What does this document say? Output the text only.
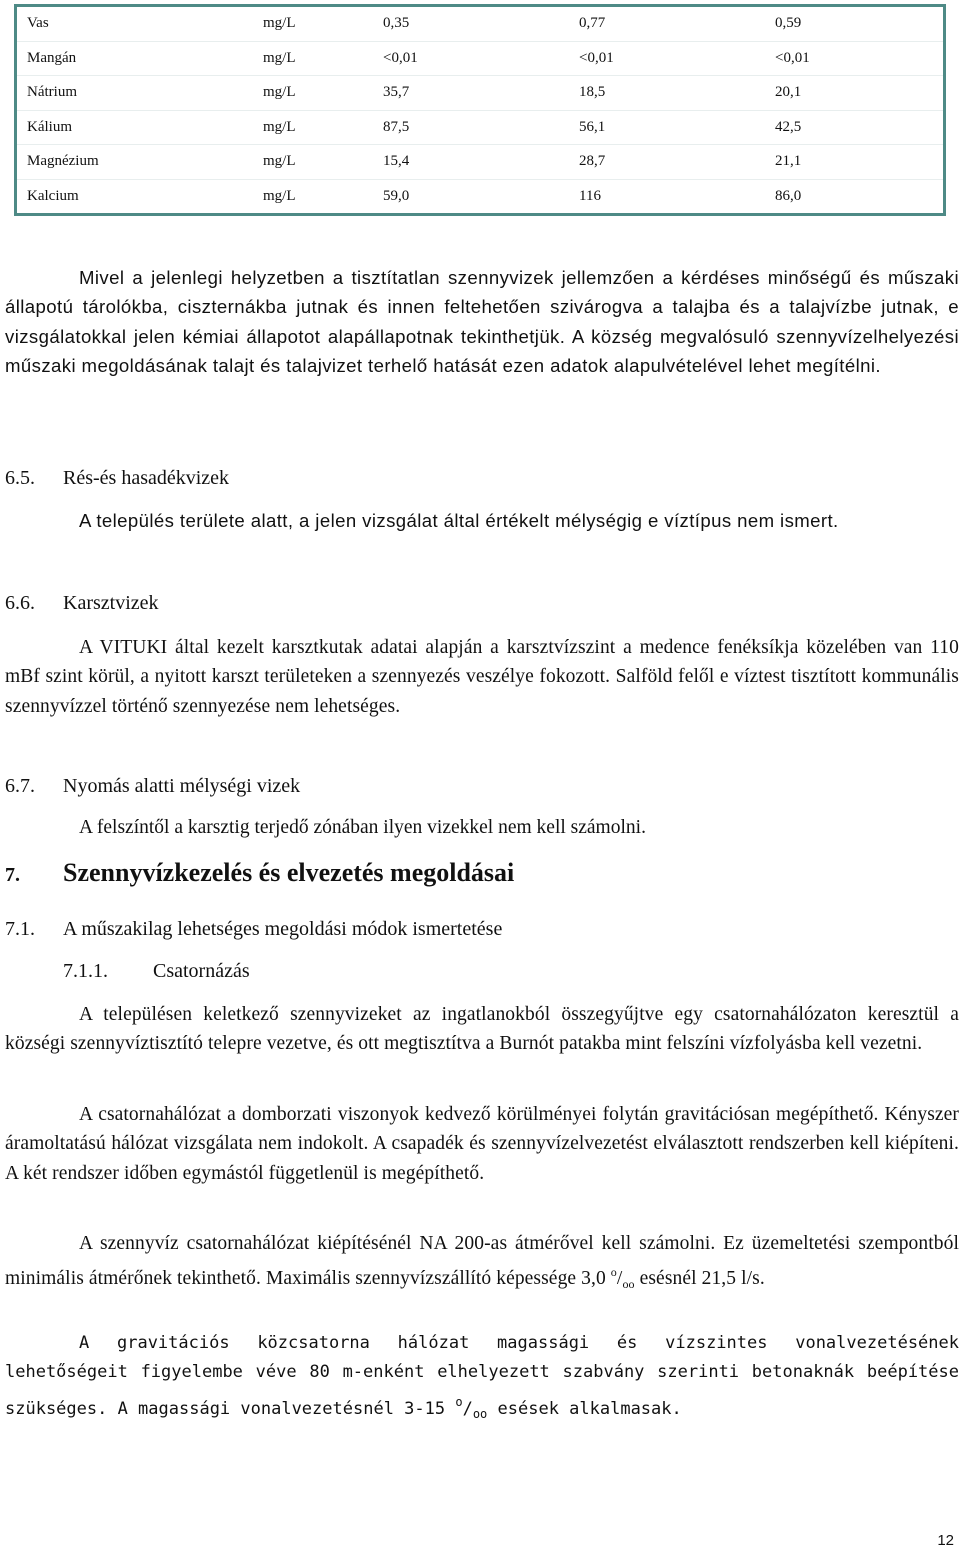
Vas	mg/L	0,35	0,77	0,59
Mangán	mg/L	<0,01	<0,01	<0,01
Nátrium	mg/L	35,7	18,5	20,1
Kálium	mg/L	87,5	56,1	42,5
Magnézium	mg/L	15,4	28,7	21,1
Kalcium	mg/L	59,0	116	86,0

Mivel a jelenlegi helyzetben a tisztítatlan szennyvizek jellemzően a kérdéses minőségű és műszaki állapotú tárolókba, ciszternákba jutnak és innen feltehetően szivárogva a talajba és a talajvízbe jutnak, e vizsgálatokkal jelen kémiai állapotot alapállapotnak tekinthetjük. A község megvalósuló szennyvízelhelyezési műszaki megoldásának talajt és talajvizet terhelő hatását ezen adatok alapulvételével lehet megítélni.

6.5. Rés-és hasadékvizek

A település területe alatt, a jelen vizsgálat által értékelt mélységig e víztípus nem ismert.

6.6. Karsztvizek

A VITUKI által kezelt karsztkutak adatai alapján a karsztvízszint a medence fenéksíkja közelében van 110 mBf szint körül, a nyitott karszt területeken a szennyezés veszélye fokozott. Salföld felől e víztest tisztított kommunális szennyvízzel történő szennyezése nem lehetséges.

6.7. Nyomás alatti mélységi vizek
A felszíntől a karsztig terjedő zónában ilyen vizekkel nem kell számolni.
7. Szennyvízkezelés és elvezetés megoldásai
7.1. A műszakilag lehetséges megoldási módok ismertetése
7.1.1. Csatornázás

A településen keletkező szennyvizeket az ingatlanokból összegyűjtve egy csatornahálózaton keresztül a községi szennyvíztisztító telepre vezetve, és ott megtisztítva a Burnót patakba mint felszíni vízfolyásba kell vezetni.

A csatornahálózat a domborzati viszonyok kedvező körülményei folytán gravitációsan megépíthető. Kényszer áramoltatású hálózat vizsgálata nem indokolt. A csapadék és szennyvízelvezetést elválasztott rendszerben kell kiépíteni. A két rendszer időben egymástól függetlenül is megépíthető.

A szennyvíz csatornahálózat kiépítésénél NA 200-as átmérővel kell számolni. Ez üzemeltetési szempontból minimális átmérőnek tekinthető. Maximális szennyvízszállító képessége 3,0 $^o/_{oo}$ esésnél 21,5 l/s.

A gravitációs közcsatorna hálózat magassági és vízszintes vonalvezetésének lehetőségeit figyelembe véve 80 m-enként elhelyezett szabvány szerinti betonaknák beépítése szükséges. A magassági vonalvezetésnél 3-15 $^o/_{oo}$ esések alkalmasak.

12
